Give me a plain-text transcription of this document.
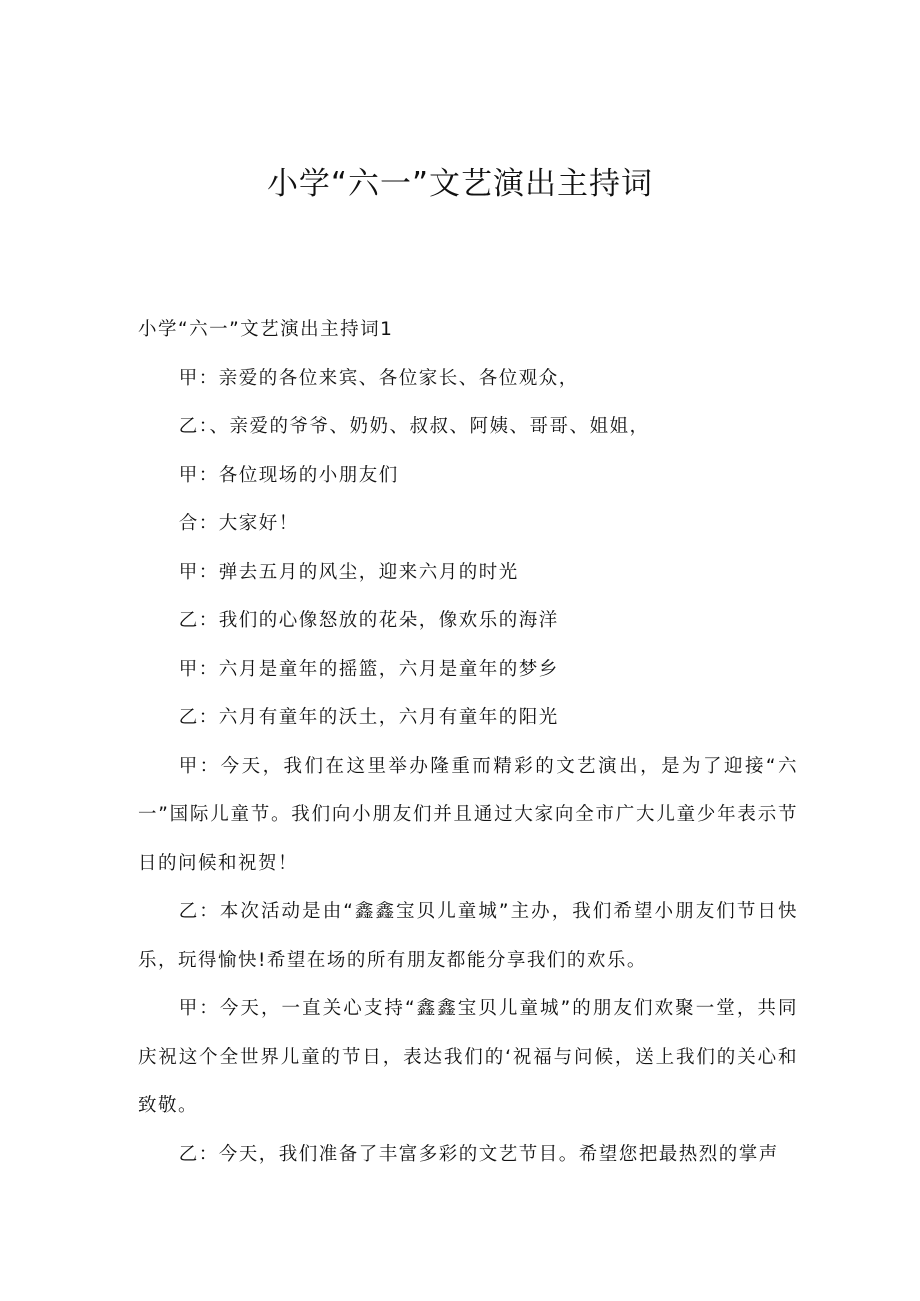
小学“六一”文艺演出主持词

小学“六一”文艺演出主持词1

甲：亲爱的各位来宾、各位家长、各位观众，

乙：、亲爱的爷爷、奶奶、叔叔、阿姨、哥哥、姐姐，

甲：各位现场的小朋友们

合：大家好！

甲：弹去五月的风尘，迎来六月的时光

乙：我们的心像怒放的花朵，像欢乐的海洋

甲：六月是童年的摇篮，六月是童年的梦乡

乙：六月有童年的沃土，六月有童年的阳光

甲：今天，我们在这里举办隆重而精彩的文艺演出，是为了迎接“六一”国际儿童节。我们向小朋友们并且通过大家向全市广大儿童少年表示节日的问候和祝贺！

乙：本次活动是由“鑫鑫宝贝儿童城”主办，我们希望小朋友们节日快乐，玩得愉快!希望在场的所有朋友都能分享我们的欢乐。

甲：今天，一直关心支持“鑫鑫宝贝儿童城”的朋友们欢聚一堂，共同庆祝这个全世界儿童的节日，表达我们的‘祝福与问候，送上我们的关心和致敬。

乙：今天，我们准备了丰富多彩的文艺节目。希望您把最热烈的掌声
